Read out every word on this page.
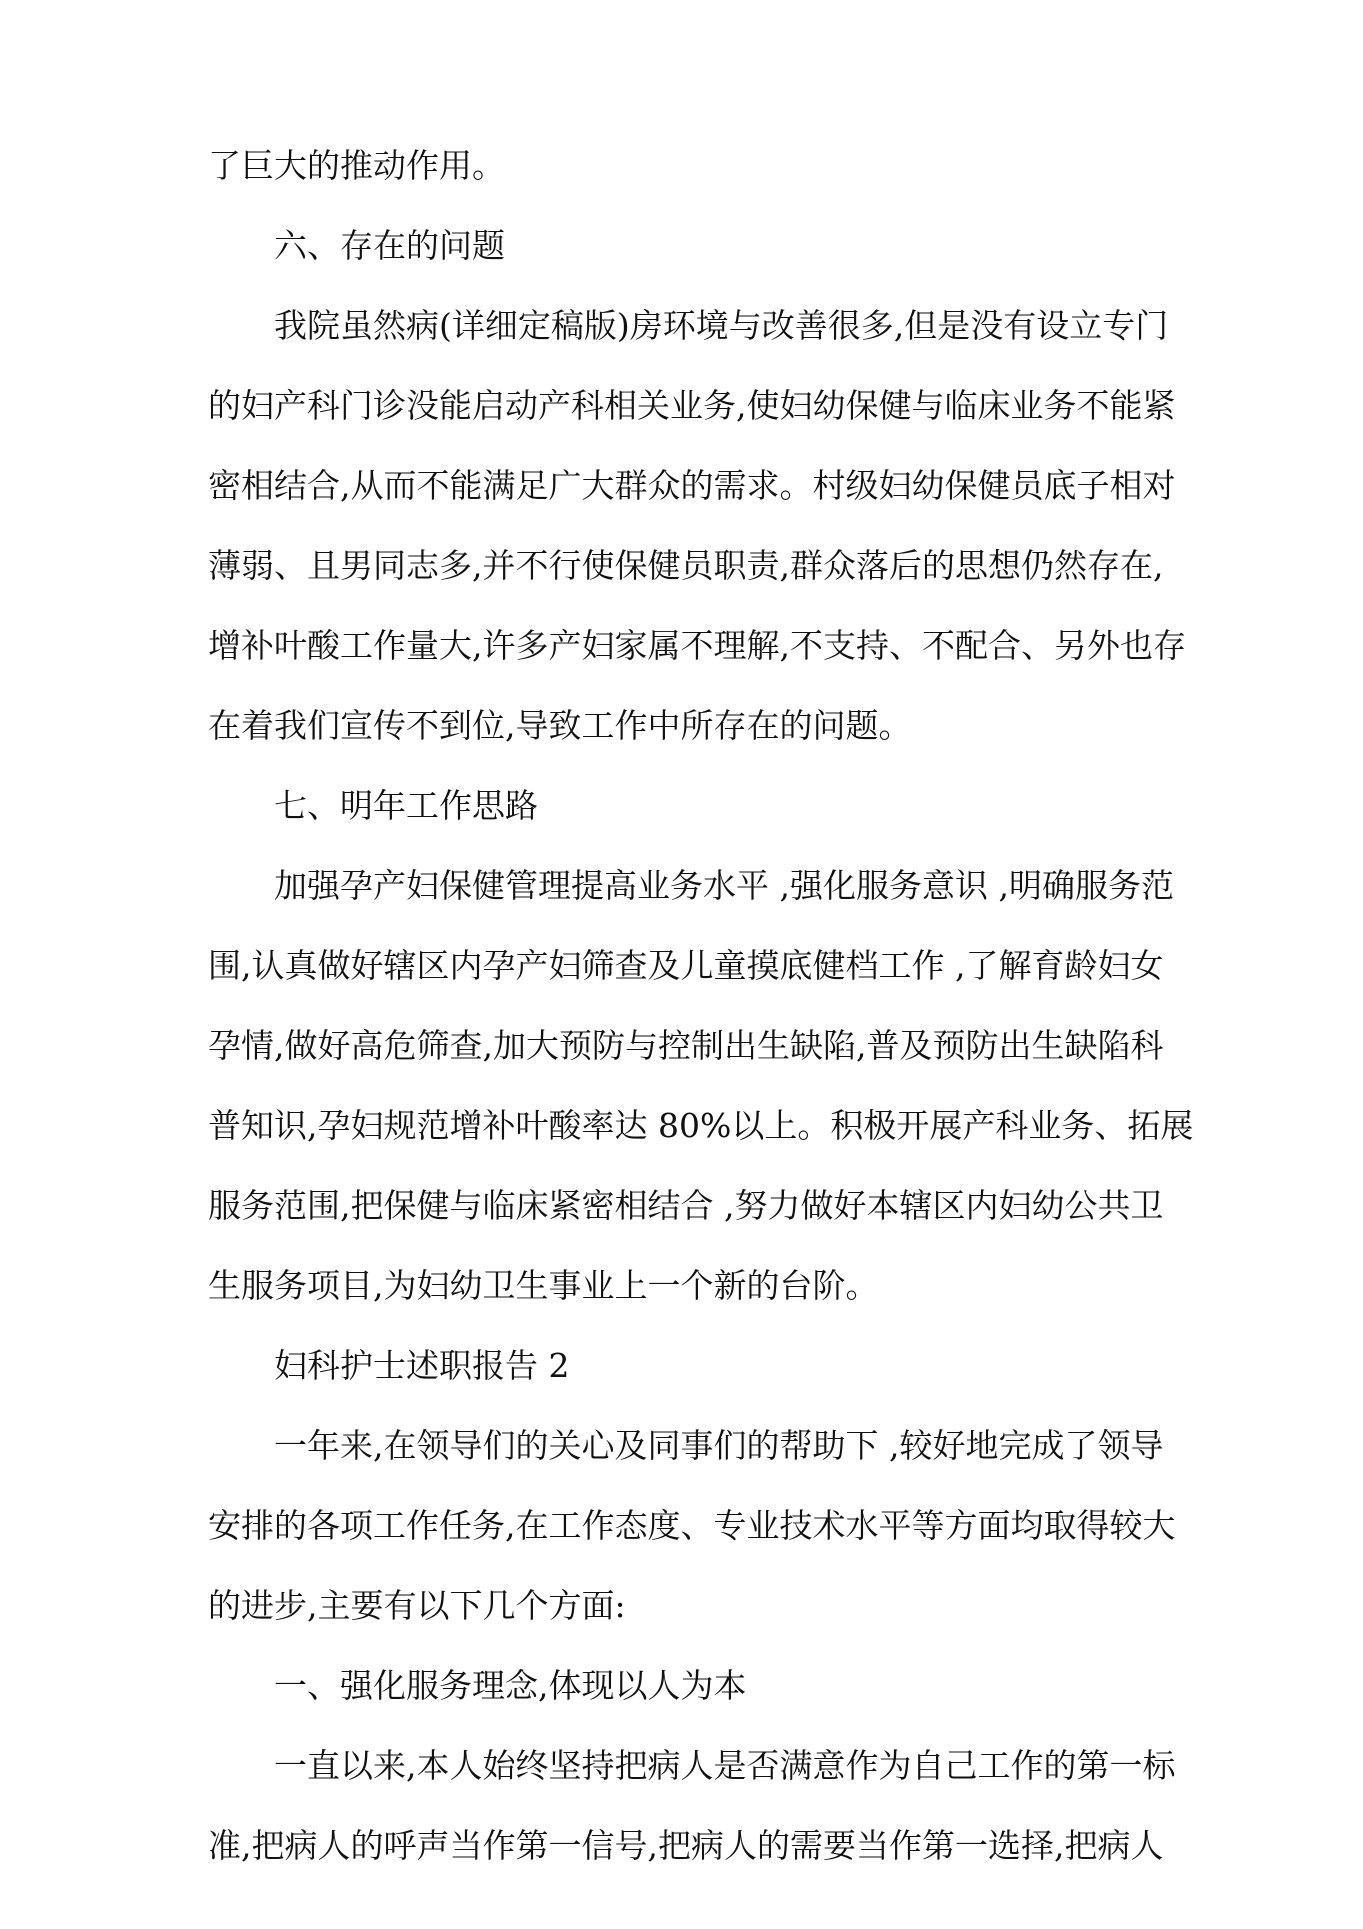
了巨大的推动作用。
六、存在的问题
我院虽然病(详细定稿版)房环境与改善很多,但是没有设立专门
的妇产科门诊没能启动产科相关业务,使妇幼保健与临床业务不能紧
密相结合,从而不能满足广大群众的需求。村级妇幼保健员底子相对
薄弱、且男同志多,并不行使保健员职责,群众落后的思想仍然存在,
增补叶酸工作量大,许多产妇家属不理解,不支持、不配合、另外也存
在着我们宣传不到位,导致工作中所存在的问题。
七、明年工作思路
加强孕产妇保健管理提高业务水平 ,强化服务意识 ,明确服务范
围,认真做好辖区内孕产妇筛查及儿童摸底健档工作 ,了解育龄妇女
孕情,做好高危筛查,加大预防与控制出生缺陷,普及预防出生缺陷科
普知识,孕妇规范增补叶酸率达 80%以上。积极开展产科业务、拓展
服务范围,把保健与临床紧密相结合 ,努力做好本辖区内妇幼公共卫
生服务项目,为妇幼卫生事业上一个新的台阶。
妇科护士述职报告 2
一年来,在领导们的关心及同事们的帮助下 ,较好地完成了领导
安排的各项工作任务,在工作态度、专业技术水平等方面均取得较大
的进步,主要有以下几个方面:
一、强化服务理念,体现以人为本
一直以来,本人始终坚持把病人是否满意作为自己工作的第一标
准,把病人的呼声当作第一信号,把病人的需要当作第一选择,把病人
